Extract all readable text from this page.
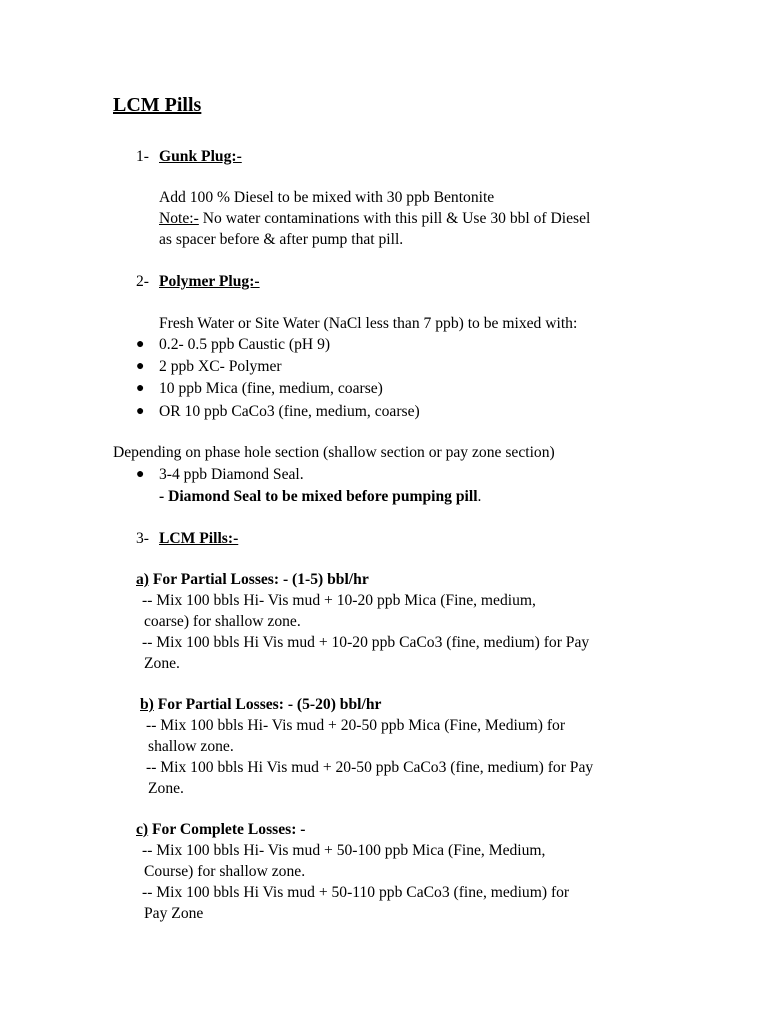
LCM Pills
1- Gunk Plug:-
Add 100 % Diesel to be mixed with 30 ppb Bentonite
Note:- No water contaminations with this pill & Use 30 bbl of Diesel
as spacer before & after pump that pill.
2- Polymer Plug:-
Fresh Water or Site Water (NaCl less than 7 ppb) to be mixed with:
● 0.2- 0.5 ppb Caustic (pH 9)
● 2 ppb XC- Polymer
● 10 ppb Mica (fine, medium, coarse)
● OR 10 ppb CaCo3 (fine, medium, coarse)
Depending on phase hole section (shallow section or pay zone section)
● 3-4 ppb Diamond Seal.
- Diamond Seal to be mixed before pumping pill.
3- LCM Pills:-
a) For Partial Losses: - (1-5) bbl/hr
-- Mix 100 bbls Hi- Vis mud + 10-20 ppb Mica (Fine, medium,
coarse) for shallow zone.
-- Mix 100 bbls Hi Vis mud + 10-20 ppb CaCo3 (fine, medium) for Pay
Zone.
b) For Partial Losses: - (5-20) bbl/hr
-- Mix 100 bbls Hi- Vis mud + 20-50 ppb Mica (Fine, Medium) for
shallow zone.
-- Mix 100 bbls Hi Vis mud + 20-50 ppb CaCo3 (fine, medium) for Pay
Zone.
c) For Complete Losses: -
-- Mix 100 bbls Hi- Vis mud + 50-100 ppb Mica (Fine, Medium,
Course) for shallow zone.
-- Mix 100 bbls Hi Vis mud + 50-110 ppb CaCo3 (fine, medium) for
Pay Zone
